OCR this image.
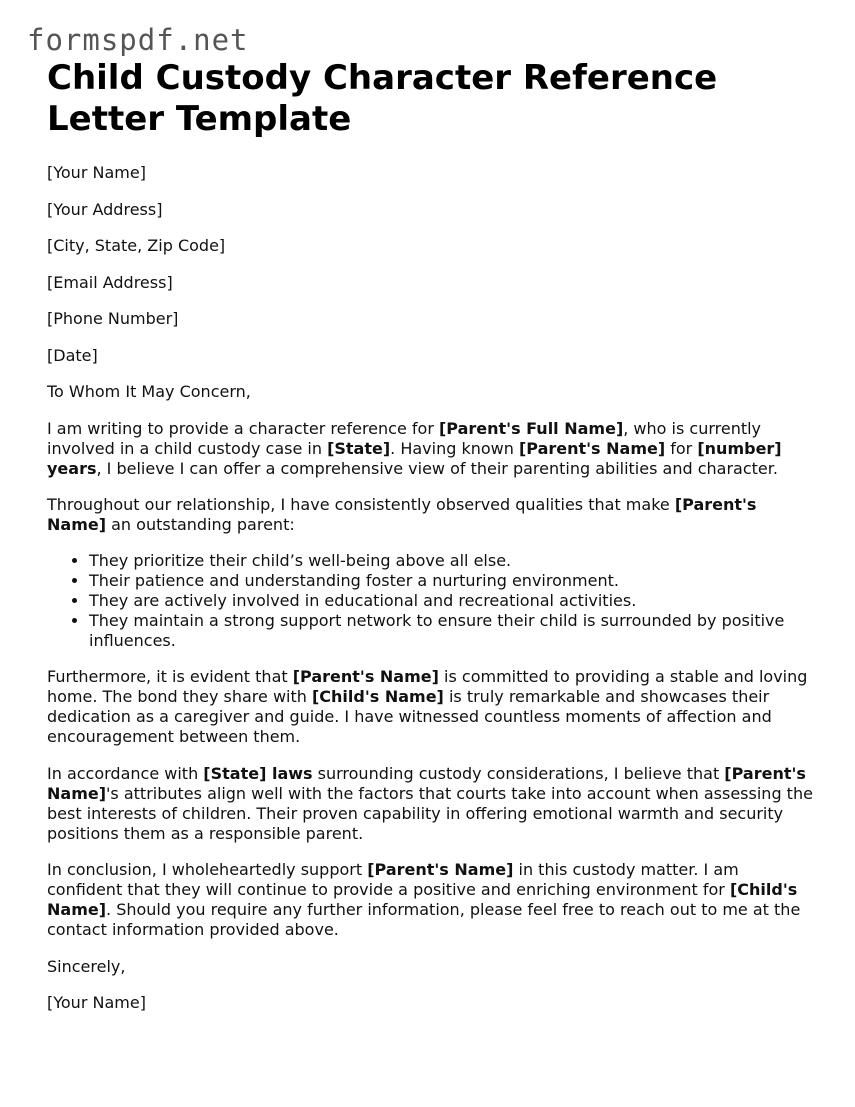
formspdf.net
Child Custody Character Reference Letter Template
[Your Name]
[Your Address]
[City, State, Zip Code]
[Email Address]
[Phone Number]
[Date]
To Whom It May Concern,

I am writing to provide a character reference for [Parent's Full Name], who is currently involved in a child custody case in [State]. Having known [Parent's Name] for [number] years, I believe I can offer a comprehensive view of their parenting abilities and character.

Throughout our relationship, I have consistently observed qualities that make [Parent's Name] an outstanding parent:

• They prioritize their child’s well-being above all else.
• Their patience and understanding foster a nurturing environment.
• They are actively involved in educational and recreational activities.
• They maintain a strong support network to ensure their child is surrounded by positive influences.

Furthermore, it is evident that [Parent's Name] is committed to providing a stable and loving home. The bond they share with [Child's Name] is truly remarkable and showcases their dedication as a caregiver and guide. I have witnessed countless moments of affection and encouragement between them.

In accordance with [State] laws surrounding custody considerations, I believe that [Parent's Name]'s attributes align well with the factors that courts take into account when assessing the best interests of children. Their proven capability in offering emotional warmth and security positions them as a responsible parent.

In conclusion, I wholeheartedly support [Parent's Name] in this custody matter. I am confident that they will continue to provide a positive and enriching environment for [Child's Name]. Should you require any further information, please feel free to reach out to me at the contact information provided above.

Sincerely,

[Your Name]
